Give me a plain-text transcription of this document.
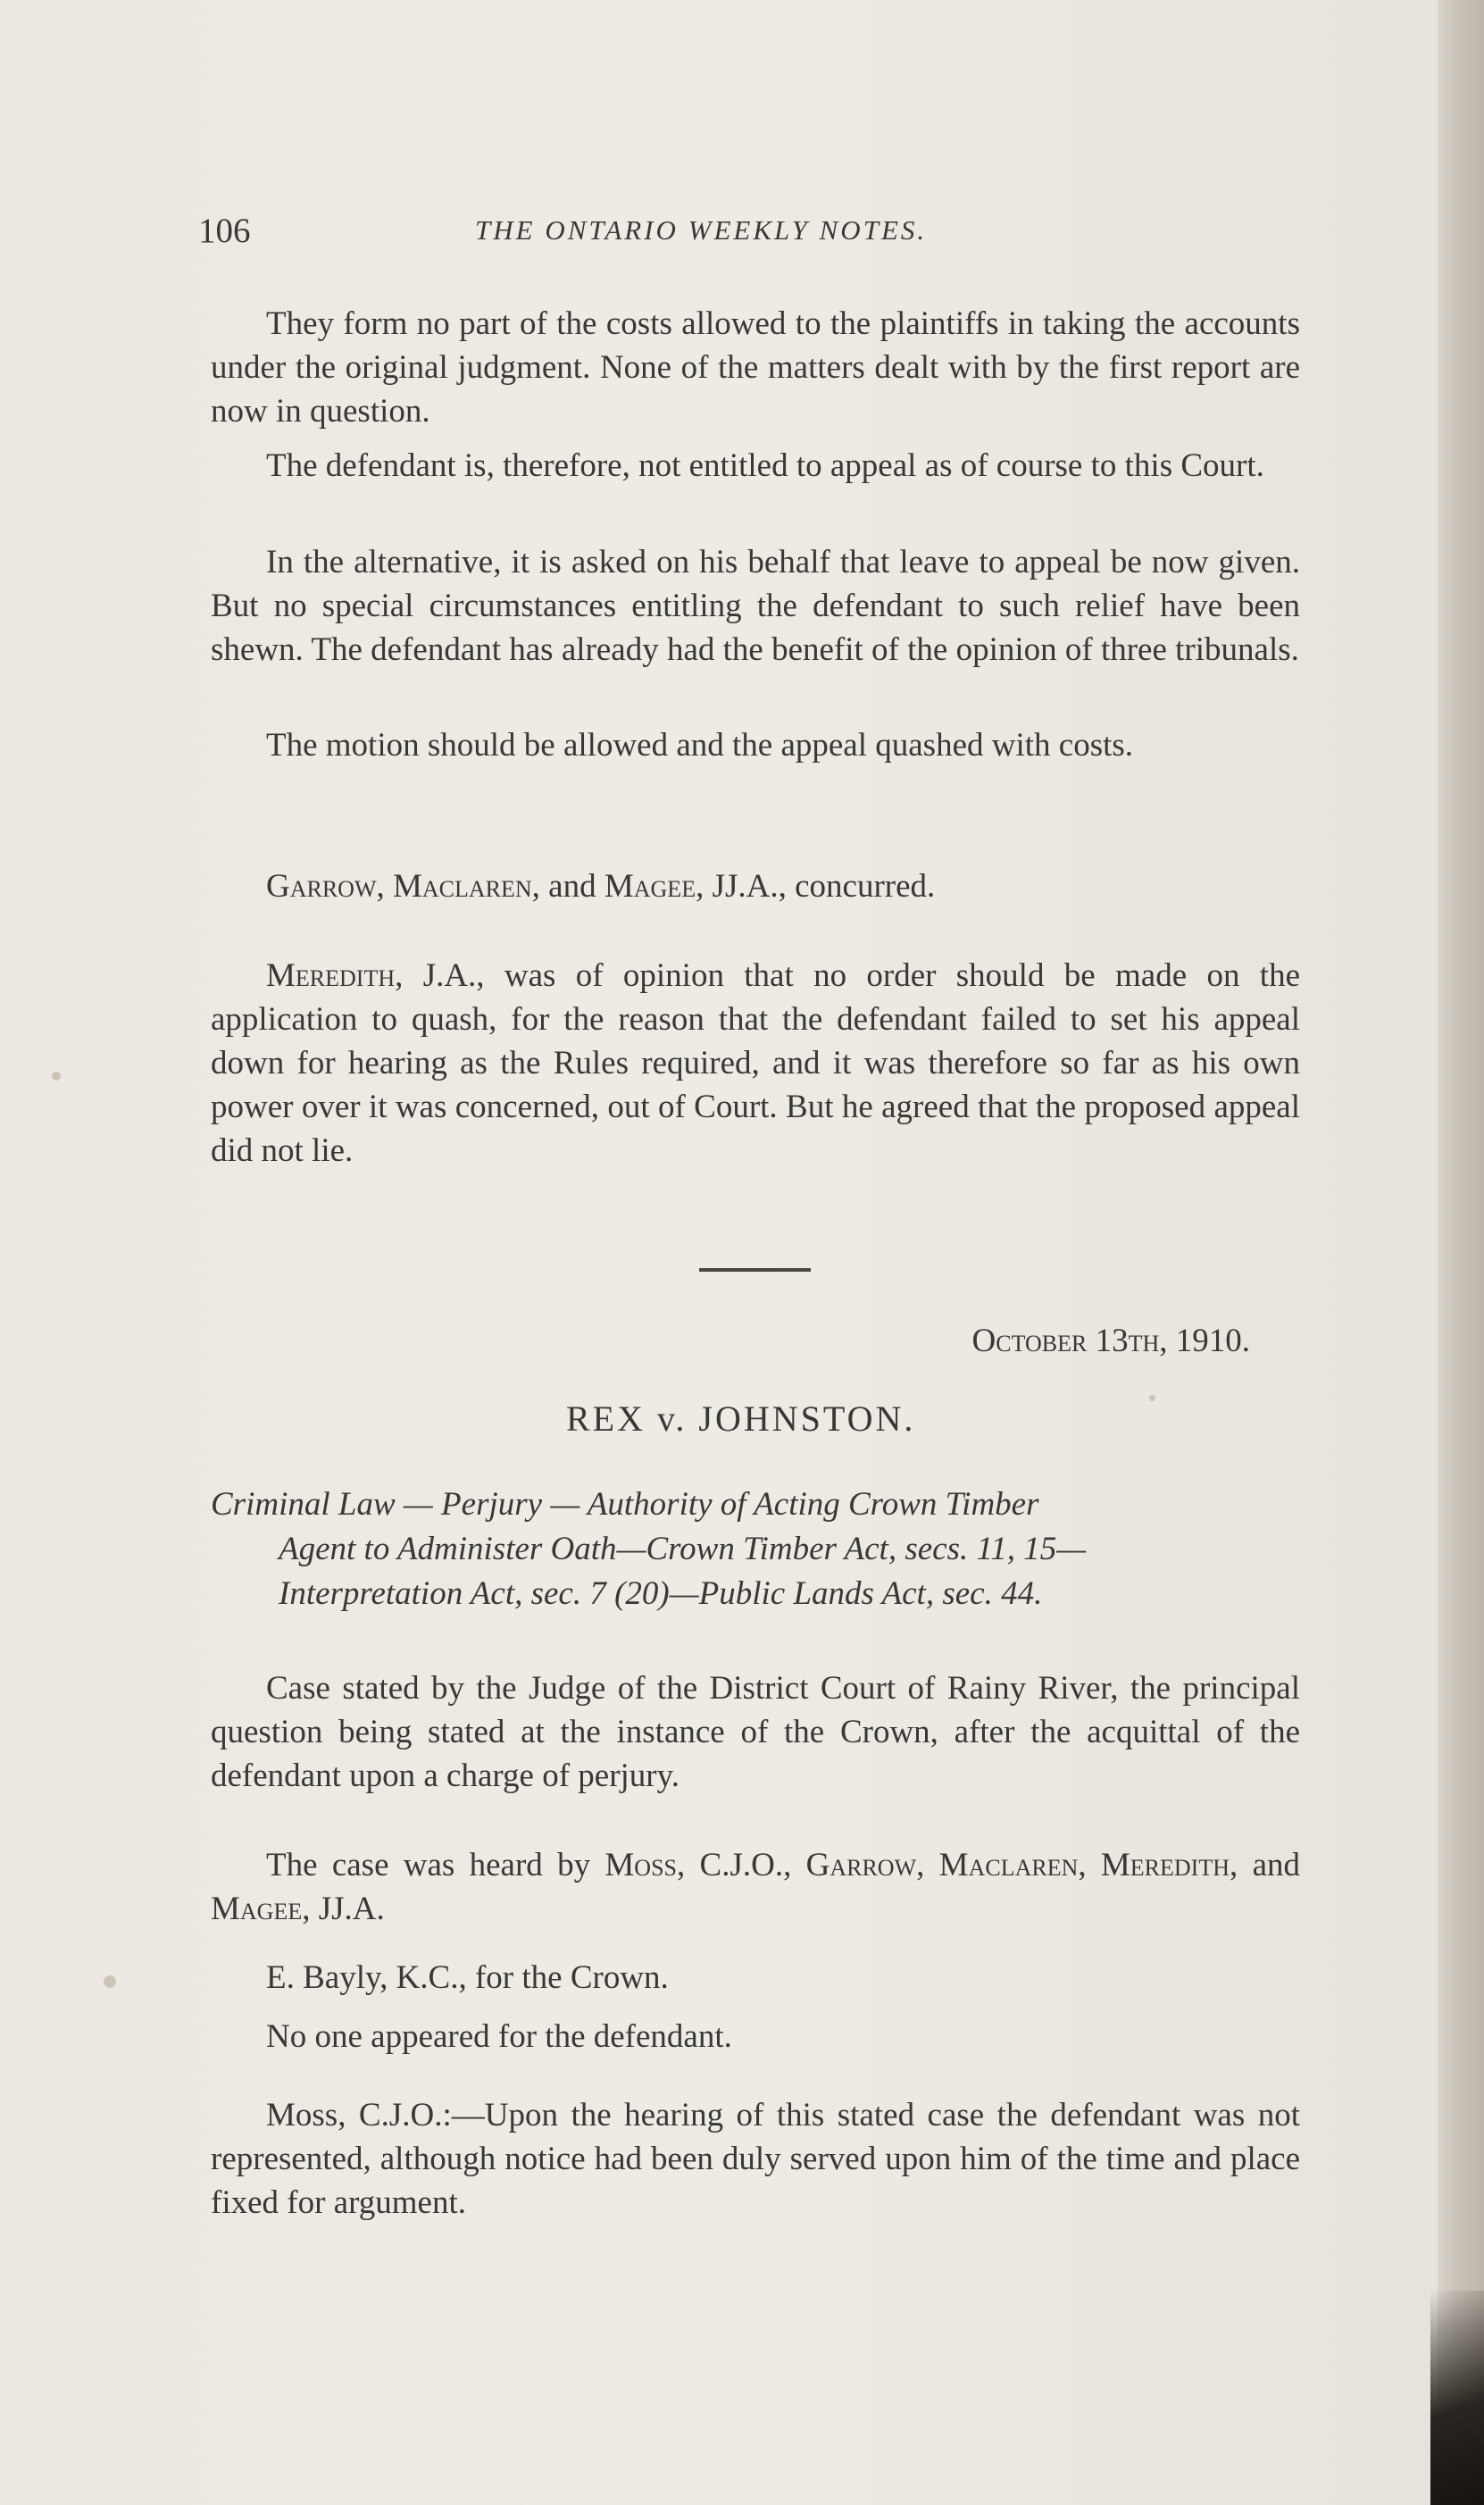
106	THE ONTARIO WEEKLY NOTES.

They form no part of the costs allowed to the plaintiffs in taking the accounts under the original judgment. None of the matters dealt with by the first report are now in question.

The defendant is, therefore, not entitled to appeal as of course to this Court.

In the alternative, it is asked on his behalf that leave to appeal be now given. But no special circumstances entitling the defendant to such relief have been shewn. The defendant has already had the benefit of the opinion of three tribunals.

The motion should be allowed and the appeal quashed with costs.

Garrow, Maclaren, and Magee, JJ.A., concurred.

Meredith, J.A., was of opinion that no order should be made on the application to quash, for the reason that the defendant failed to set his appeal down for hearing as the Rules required, and it was therefore so far as his own power over it was concerned, out of Court. But he agreed that the proposed appeal did not lie.

October 13th, 1910.
REX v. JOHNSTON.
Criminal Law — Perjury — Authority of Acting Crown Timber
Agent to Administer Oath—Crown Timber Act, secs. 11, 15—
Interpretation Act, sec. 7 (20)—Public Lands Act, sec. 44.

Case stated by the Judge of the District Court of Rainy River, the principal question being stated at the instance of the Crown, after the acquittal of the defendant upon a charge of perjury.

The case was heard by Moss, C.J.O., Garrow, Maclaren, Meredith, and Magee, JJ.A.

E. Bayly, K.C., for the Crown.

No one appeared for the defendant.

Moss, C.J.O.:—Upon the hearing of this stated case the defendant was not represented, although notice had been duly served upon him of the time and place fixed for argument.
